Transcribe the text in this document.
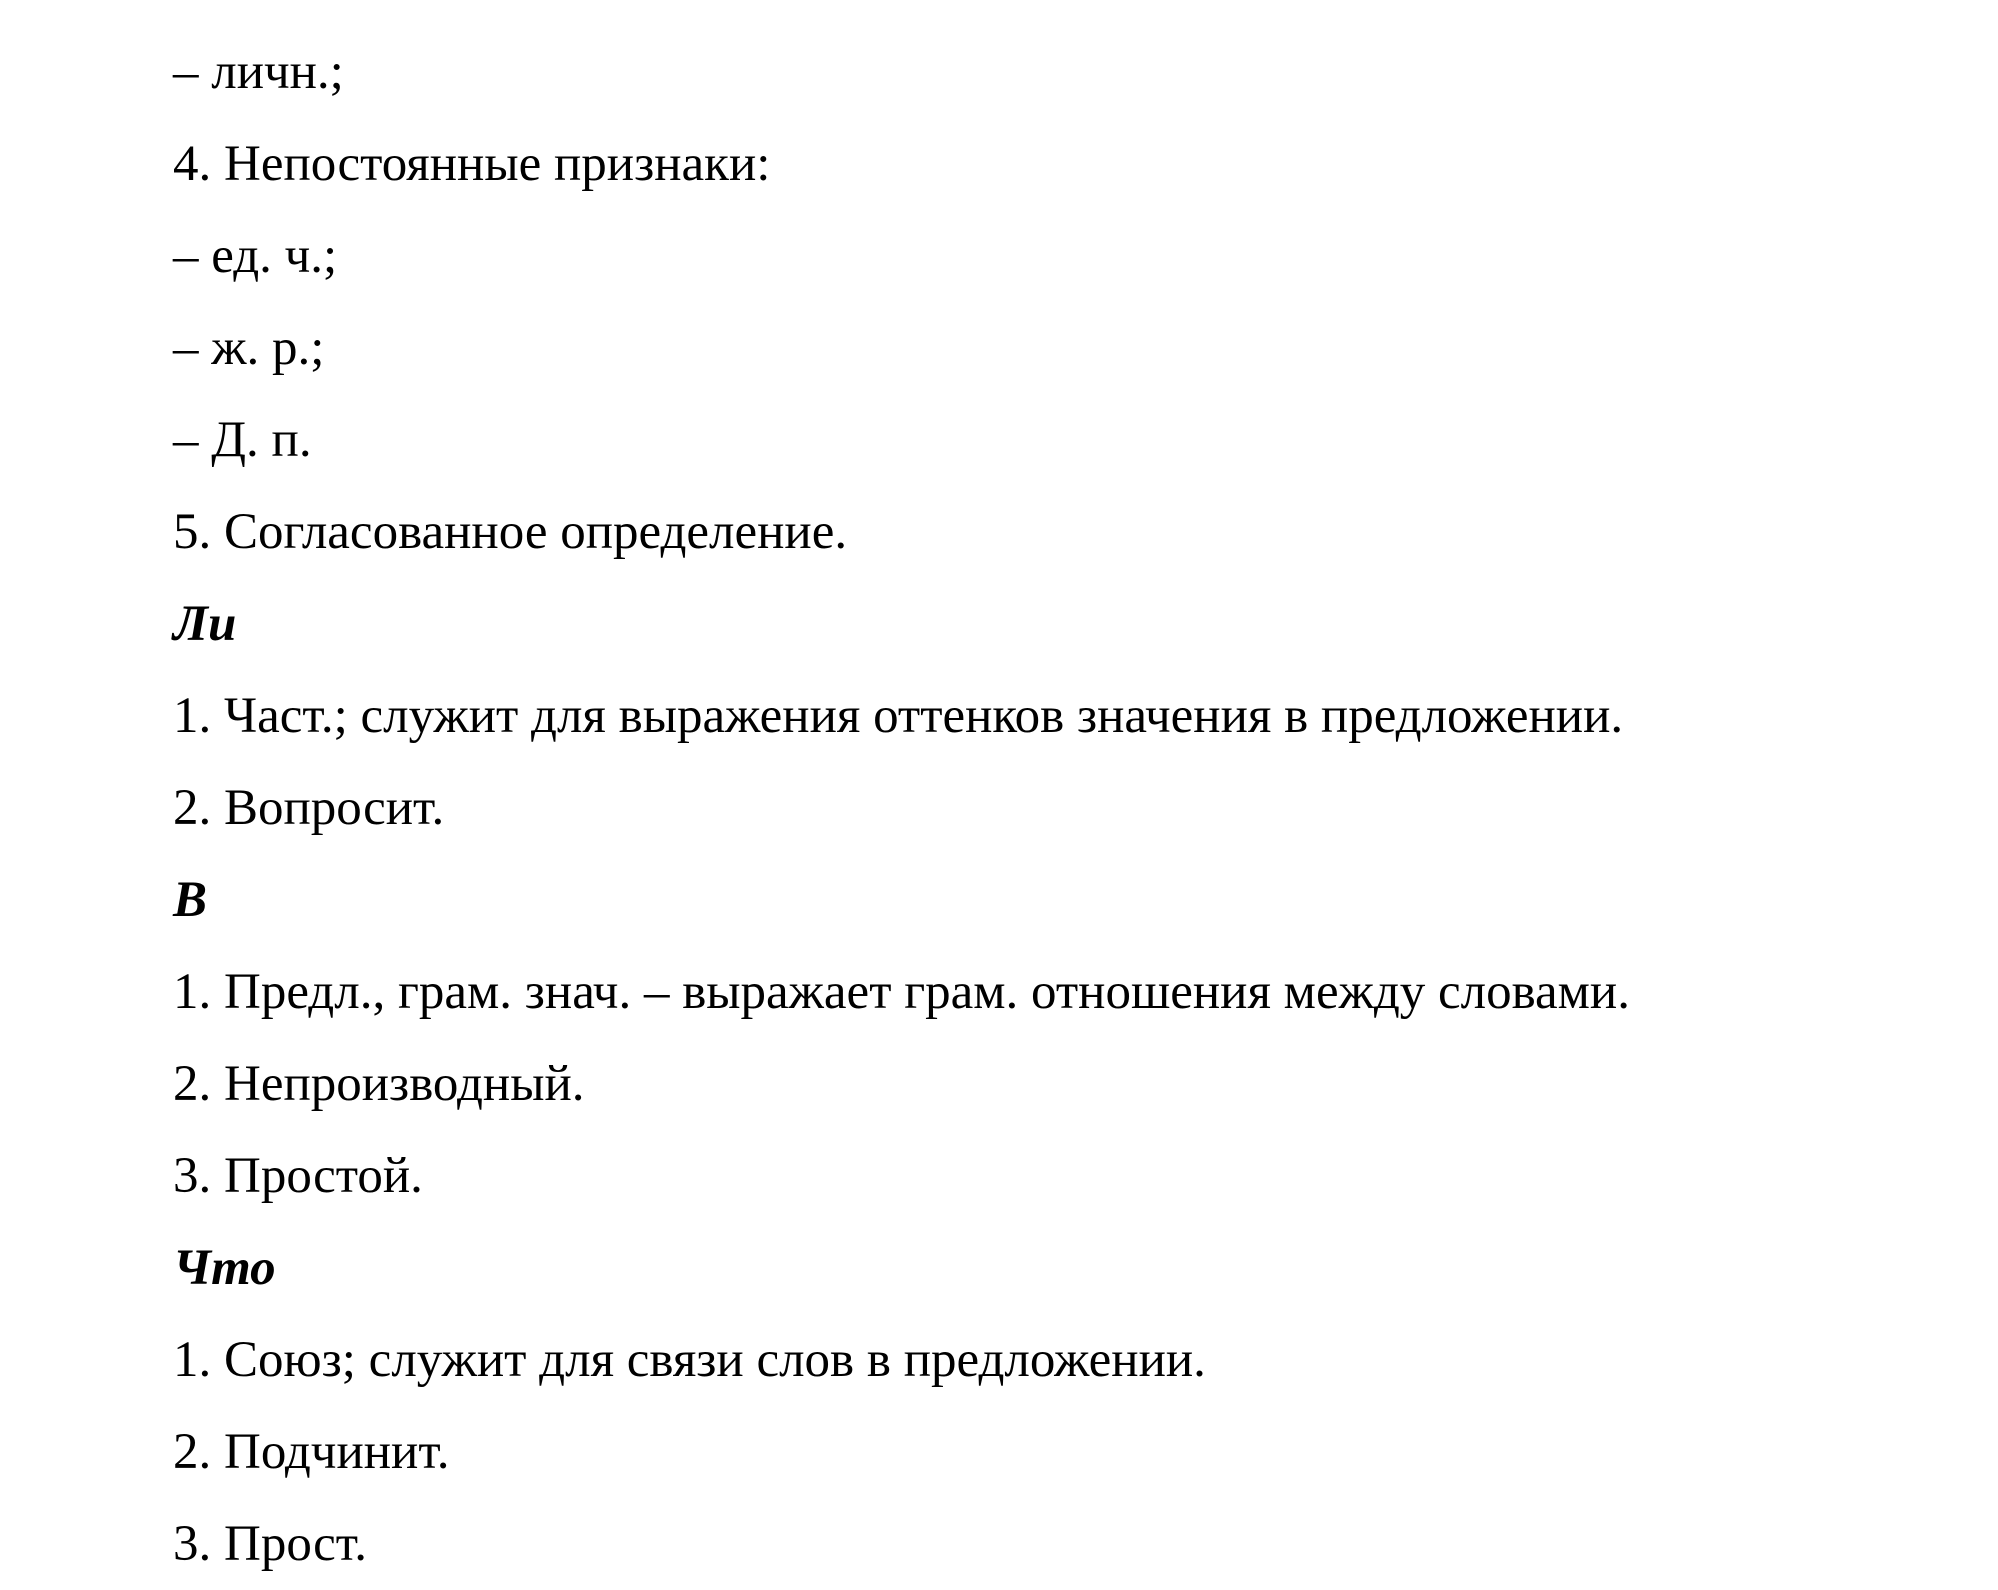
– личн.;
4. Непостоянные признаки:
– ед. ч.;
– ж. р.;
– Д. п.
5. Согласованное определение.
Ли
1. Част.; служит для выражения оттенков значения в предложении.
2. Вопросит.
В
1. Предл., грам. знач. – выражает грам. отношения между словами.
2. Непроизводный.
3. Простой.
Что
1. Союз; служит для связи слов в предложении.
2. Подчинит.
3. Прост.
